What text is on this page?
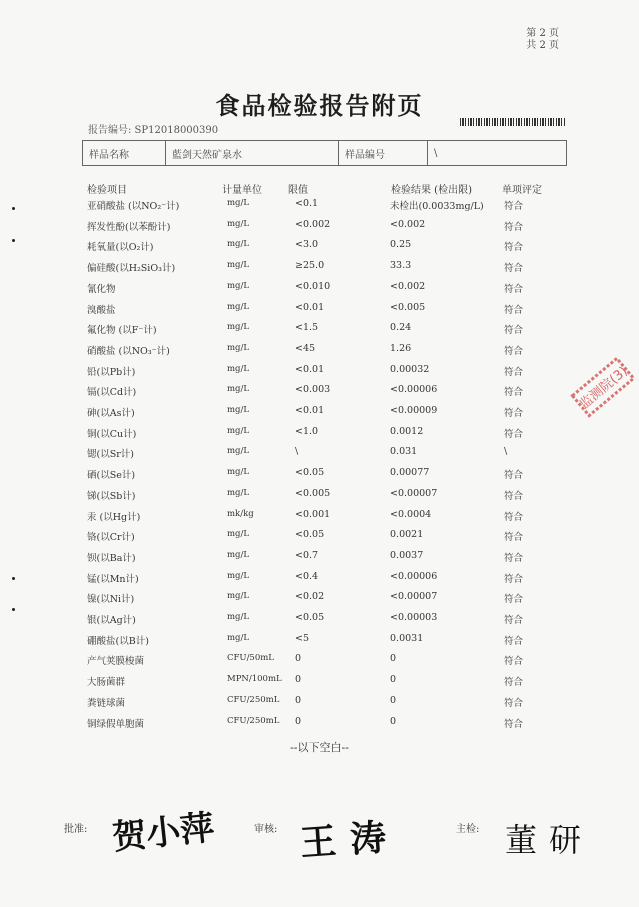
第 2 页
共 2 页
食品检验报告附页
报告编号: SP12018000390
样品名称	藍剑天然矿泉水	样品编号	\
检验项目	计量单位	限值	检验结果 (检出限)	单项评定
亚硝酸盐 (以NO₂⁻计)	mg/L	<0.1	未检出(0.0033mg/L) 符合
挥发性酚(以苯酚计)	mg/L	<0.002	<0.002	符合
耗氧量(以O₂计)	mg/L	<3.0	0.25	符合
偏硅酸(以H₂SiO₃计)	mg/L	≥25.0	33.3	符合
氰化物	mg/L	<0.010	<0.002	符合
溴酸盐	mg/L	<0.01	<0.005	符合
氟化物 (以F⁻计)	mg/L	<1.5	0.24	符合
硝酸盐 (以NO₃⁻计)	mg/L	<45	1.26	符合
铅(以Pb计)	mg/L	<0.01	0.00032	符合
镉(以Cd计)	mg/L	<0.003	<0.00006	符合
砷(以As计)	mg/L	<0.01	<0.00009	符合
铜(以Cu计)	mg/L	<1.0	0.0012	符合
锶(以Sr计)	mg/L	\	0.031	\
硒(以Se计)	mg/L	<0.05	0.00077	符合
锑(以Sb计)	mg/L	<0.005	<0.00007	符合
汞 (以Hg计)	mk/kg	<0.001	<0.0004	符合
铬(以Cr计)	mg/L	<0.05	0.0021	符合
钡(以Ba计)	mg/L	<0.7	0.0037	符合
锰(以Mn计)	mg/L	<0.4	<0.00006	符合
镍(以Ni计)	mg/L	<0.02	<0.00007	符合
银(以Ag计)	mg/L	<0.05	<0.00003	符合
硼酸盐(以B计)	mg/L	<5	0.0031	符合
产气荚膜梭菌	CFU/50mL 0	0	符合
大肠菌群	MPN/100mL 0	0	符合
粪链球菌	CFU/250mL 0	0	符合
铜绿假单胞菌	CFU/250mL 0	0	符合
--以下空白--
批准: 贺小萍	审核: 王涛	主检: 董研
监测院(3)
